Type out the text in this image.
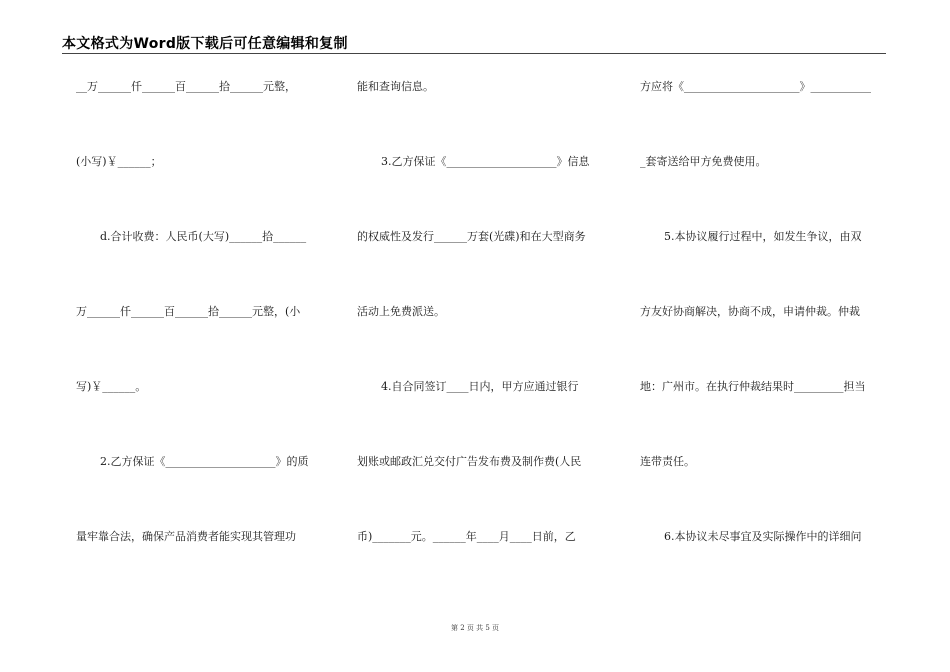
本文格式为Word版下载后可任意编辑和复制
__万______仟______百______拾______元整，
(小写)￥______；
d.合计收费：人民币(大写)______拾______
万______仟______百______拾______元整，(小
写)￥______。
2.乙方保证《____________________》的质
量牢靠合法，确保产品消费者能实现其管理功
能和查询信息。
3.乙方保证《____________________》信息
的权威性及发行______万套(光碟)和在大型商务
活动上免费派送。
4.自合同签订____日内，甲方应通过银行
划账或邮政汇兑交付广告发布费及制作费(人民
币)_______元。______年____月____日前，乙
方应将《_____________________》___________
_套寄送给甲方免费使用。
5.本协议履行过程中，如发生争议，由双
方友好协商解决，协商不成，申请仲裁。仲裁
地：广州市。在执行仲裁结果时_________担当
连带责任。
6.本协议未尽事宜及实际操作中的详细问
第 2 页 共 5 页
